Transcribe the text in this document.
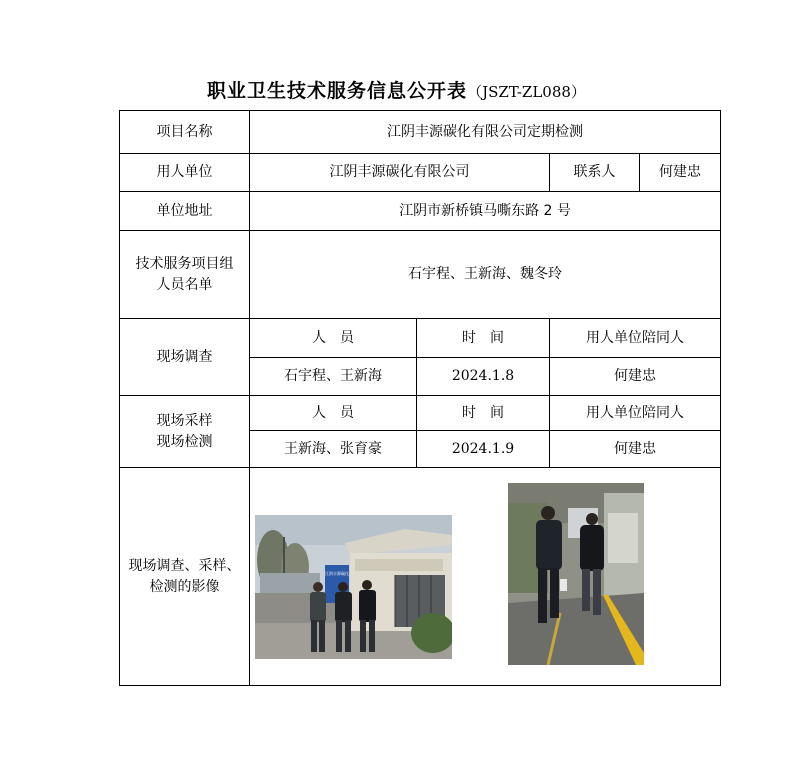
职业卫生技术服务信息公开表（JSZT-ZL088）
项目名称	江阴丰源碳化有限公司定期检测			
用人单位	江阴丰源碳化有限公司		联系人	何建忠
单位地址	江阴市新桥镇马嘶东路 2 号			

技术服务项目组
人员名单	石宇程、王新海、魏冬玲			
现场调查	人　员	时　间	用人单位陪同人	
	石宇程、王新海	2024.1.8	何建忠	

现场采样
现场检测	人　员	时　间	用人单位陪同人	
	王新海、张育豪	2024.1.9	何建忠	

现场调查、采样、
检测的影像				

江阴丰源碳化
